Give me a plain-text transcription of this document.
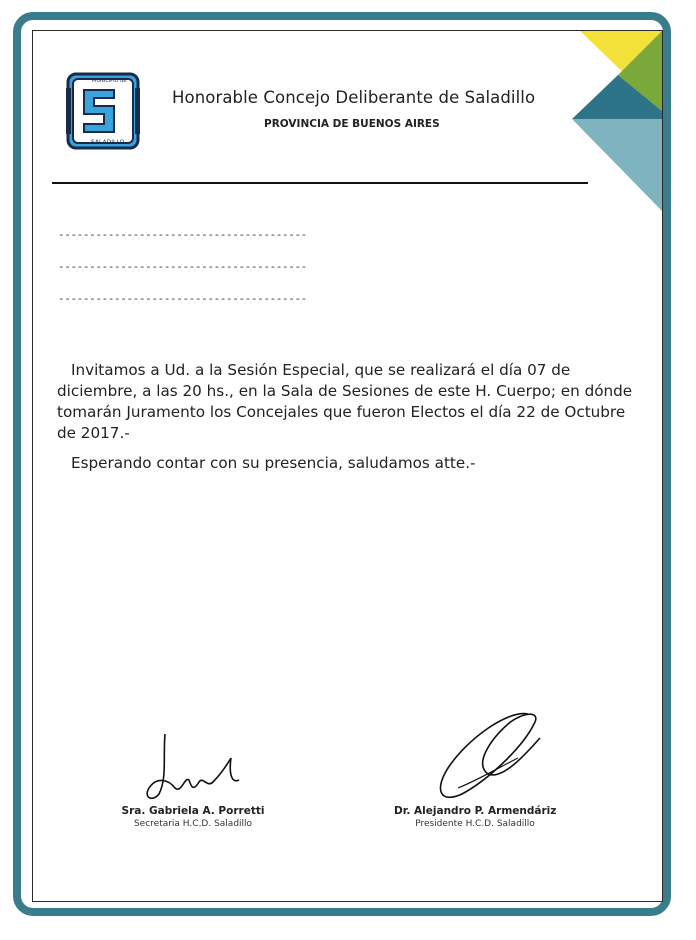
MUNICIPIO de
SALADILLO
Honorable Concejo Deliberante de Saladillo
PROVINCIA DE BUENOS AIRES
----------------------------------------
----------------------------------------
----------------------------------------
Invitamos a Ud. a la Sesión Especial, que se realizará el día 07 de diciembre, a las 20 hs., en la Sala de Sesiones de este H. Cuerpo; en dónde tomarán Juramento los Concejales que fueron Electos el día 22 de Octubre de 2017.-
Esperando contar con su presencia, saludamos atte.-
Sra. Gabriela A. Porretti
Secretaria H.C.D. Saladillo
Dr. Alejandro P. Armendáriz
Presidente H.C.D. Saladillo
